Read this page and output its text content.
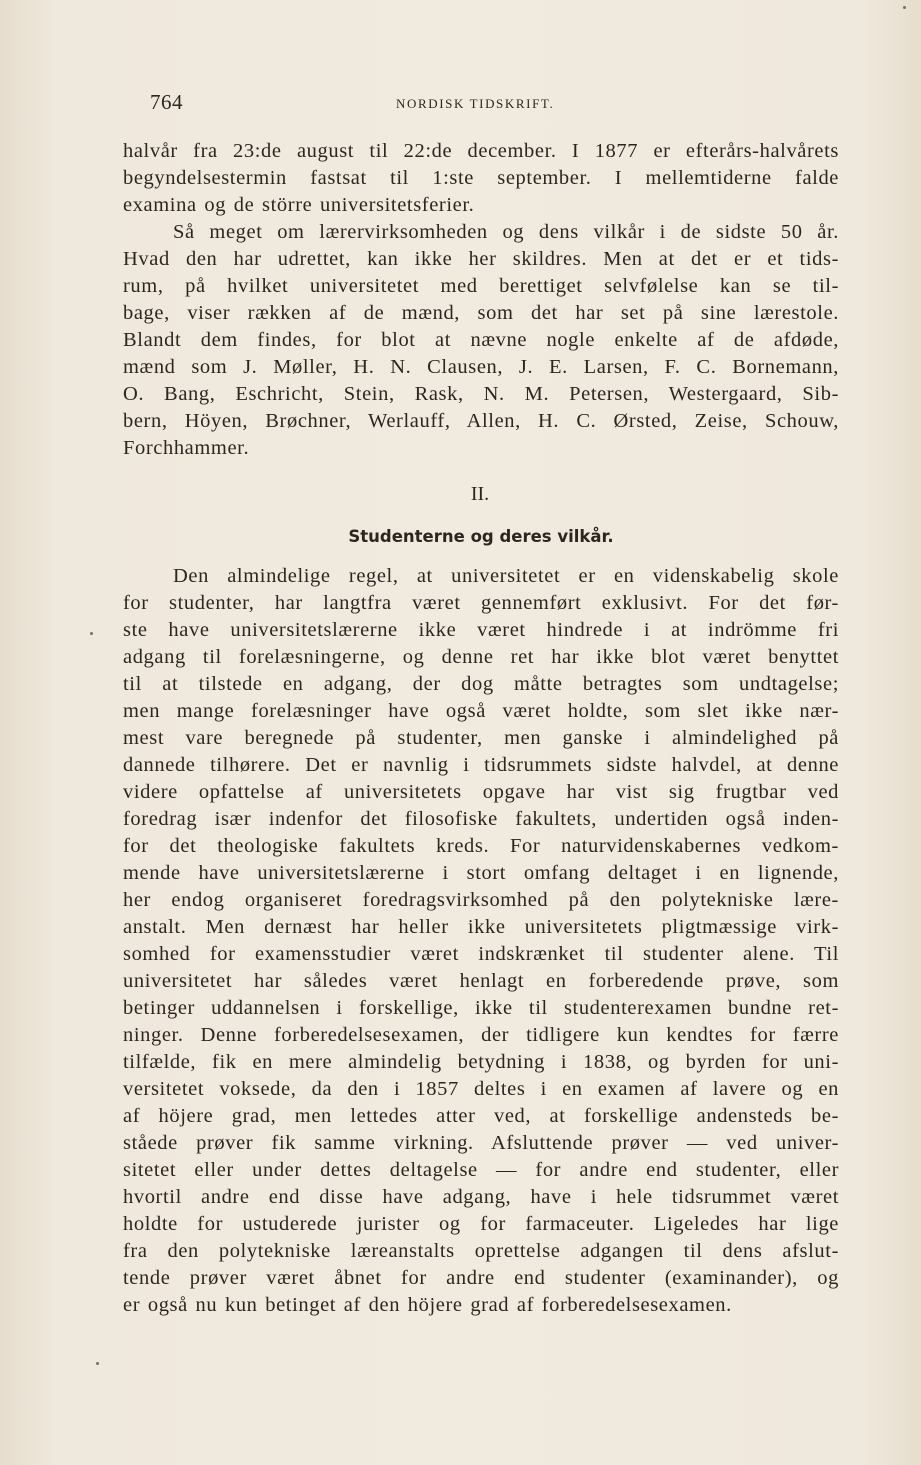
764	NORDISK TIDSKRIFT.
halvår fra 23:de august til 22:de december. I 1877 er efterårs-halvårets
begyndelsestermin fastsat til 1:ste september. I mellemtiderne falde
examina og de större universitetsferier.
Så meget om lærervirksomheden og dens vilkår i de sidste 50 år.
Hvad den har udrettet, kan ikke her skildres. Men at det er et tids-
rum, på hvilket universitetet med berettiget selvfølelse kan se til-
bage, viser rækken af de mænd, som det har set på sine lærestole.
Blandt dem findes, for blot at nævne nogle enkelte af de afdøde,
mænd som J. Møller, H. N. Clausen, J. E. Larsen, F. C. Bornemann,
O. Bang, Eschricht, Stein, Rask, N. M. Petersen, Westergaard, Sib-
bern, Höyen, Brøchner, Werlauff, Allen, H. C. Ørsted, Zeise, Schouw,
Forchhammer.
II.
Studenterne og deres vilkår.
Den almindelige regel, at universitetet er en videnskabelig skole
for studenter, har langtfra været gennemført exklusivt. For det før-
ste have universitetslærerne ikke været hindrede i at indrömme fri
adgang til forelæsningerne, og denne ret har ikke blot været benyttet
til at tilstede en adgang, der dog måtte betragtes som undtagelse;
men mange forelæsninger have også været holdte, som slet ikke nær-
mest vare beregnede på studenter, men ganske i almindelighed på
dannede tilhørere. Det er navnlig i tidsrummets sidste halvdel, at denne
videre opfattelse af universitetets opgave har vist sig frugtbar ved
foredrag især indenfor det filosofiske fakultets, undertiden også inden-
for det theologiske fakultets kreds. For naturvidenskabernes vedkom-
mende have universitetslærerne i stort omfang deltaget i en lignende,
her endog organiseret foredragsvirksomhed på den polytekniske lære-
anstalt. Men dernæst har heller ikke universitetets pligtmæssige virk-
somhed for examensstudier været indskrænket til studenter alene. Til
universitetet har således været henlagt en forberedende prøve, som
betinger uddannelsen i forskellige, ikke til studenterexamen bundne ret-
ninger. Denne forberedelsesexamen, der tidligere kun kendtes for færre
tilfælde, fik en mere almindelig betydning i 1838, og byrden for uni-
versitetet voksede, da den i 1857 deltes i en examen af lavere og en
af höjere grad, men lettedes atter ved, at forskellige andensteds be-
ståede prøver fik samme virkning. Afsluttende prøver — ved univer-
sitetet eller under dettes deltagelse — for andre end studenter, eller
hvortil andre end disse have adgang, have i hele tidsrummet været
holdte for ustuderede jurister og for farmaceuter. Ligeledes har lige
fra den polytekniske læreanstalts oprettelse adgangen til dens afslut-
tende prøver været åbnet for andre end studenter (examinander), og
er også nu kun betinget af den höjere grad af forberedelsesexamen.
